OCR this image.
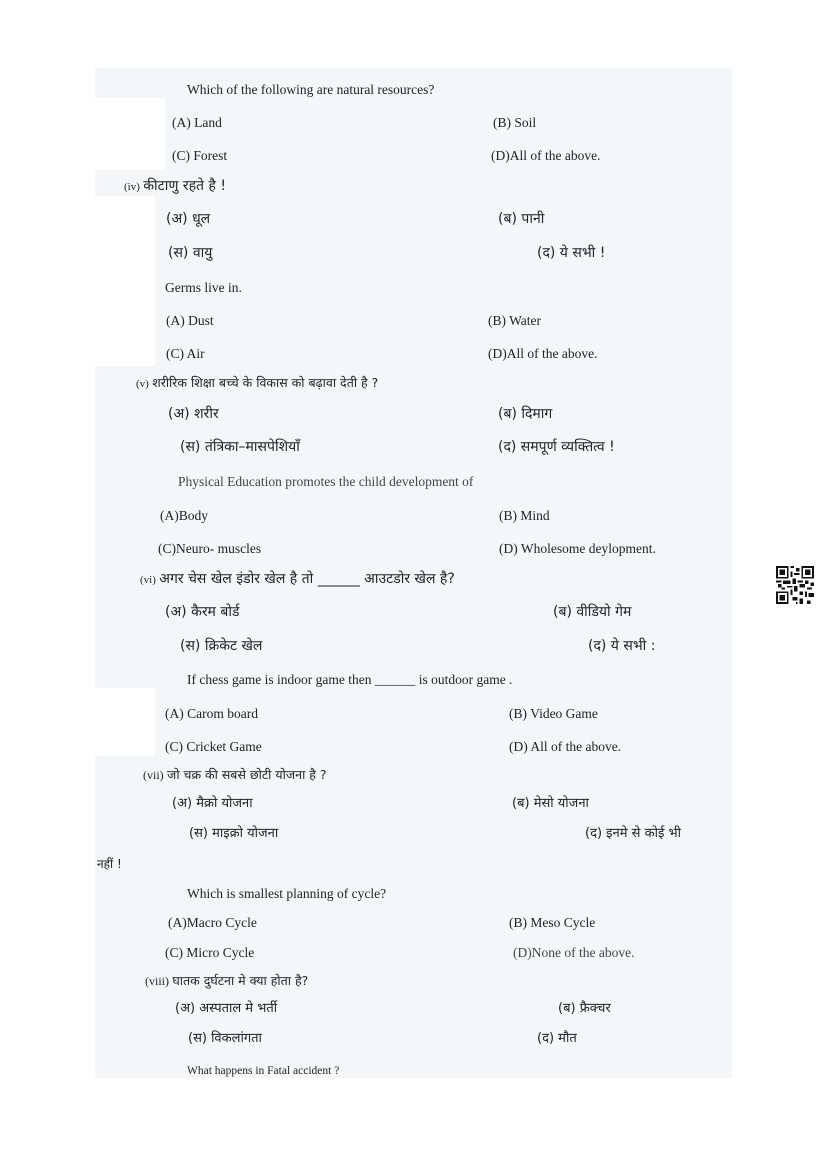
Which of the following are natural resources?
(A) Land	(B) Soil
(C) Forest	(D)All of the above.
(iv) कीटाणु रहते है !
(अ) धूल	(ब) पानी
(स) वायु	(द) ये सभी !
Germs live in.
(A) Dust	(B) Water
(C) Air	(D)All of the above.
(v) शरीरिक शिक्षा बच्चे के विकास को बढ़ावा देती है ?
(अ) शरीर	(ब) दिमाग
(स) तंत्रिका–मासपेशियाँ	(द) समपूर्ण व्यक्तित्व !
Physical Education promotes the child development of
(A)Body	(B) Mind
(C)Neuro- muscles	(D) Wholesome deylopment.
(vi) अगर चेस खेल इंडोर खेल है तो ______ आउटडोर खेल है?
(अ) कैरम बोर्ड	(ब) वीडियो गेम
(स) क्रिकेट खेल	(द) ये सभी :
If chess game is indoor game then ______ is outdoor game .
(A) Carom board	(B) Video Game
(C) Cricket Game	(D) All of the above.
(vii) जो चक्र की सबसे छोटी योजना है ?
(अ) मैक्रो योजना	(ब) मेसो योजना
(स) माइक्रो योजना	(द) इनमे से कोई भी
नहीं !
Which is smallest planning of cycle?
(A)Macro Cycle	(B) Meso Cycle
(C) Micro Cycle	(D)None of the above.
(viii) घातक दुर्घटना मे क्या होता है?
(अ) अस्पताल मे भर्ती	(ब) फ्रैक्चर
(स) विकलांगता	(द) मौत
What happens in Fatal accident ?
